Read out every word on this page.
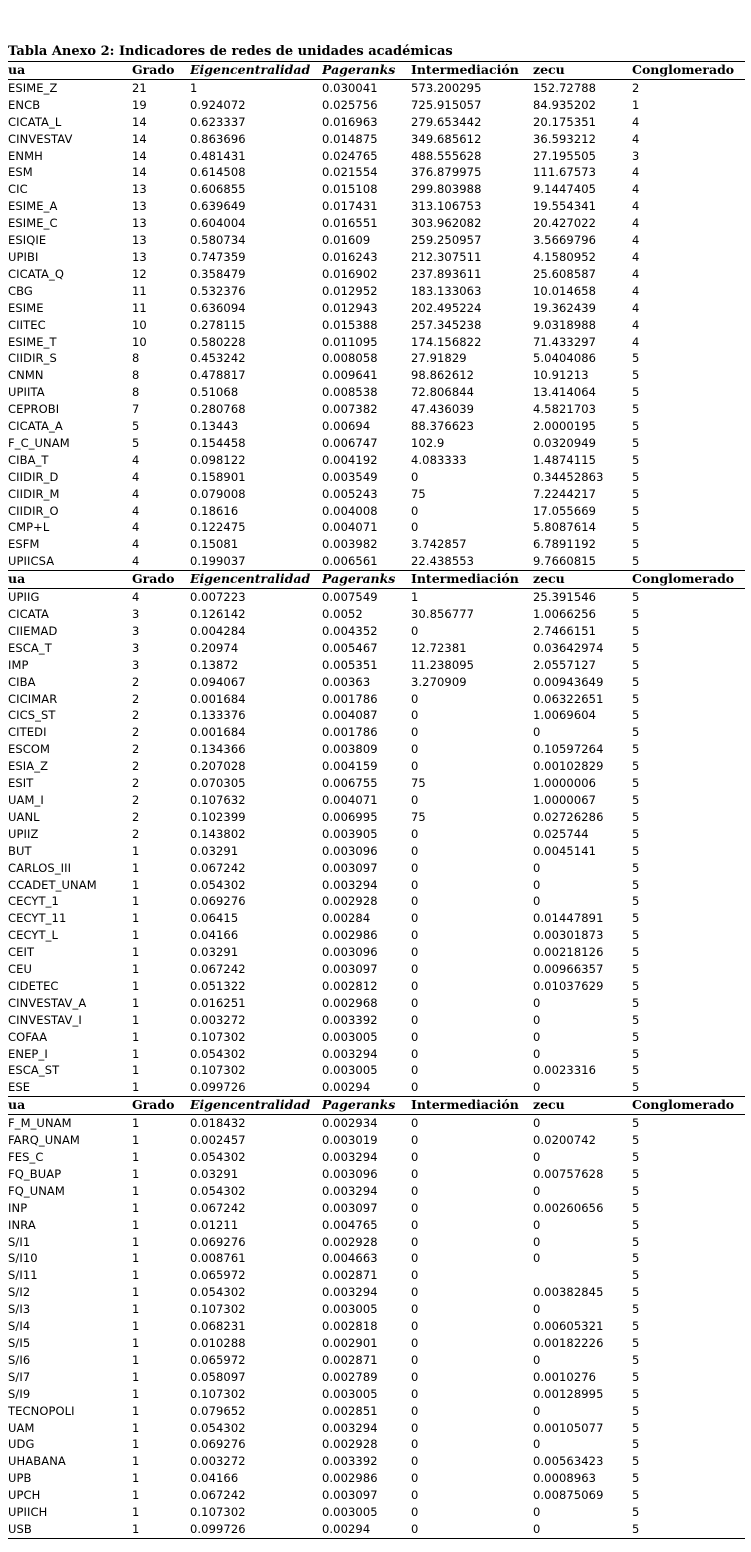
Tabla Anexo 2: Indicadores de redes de unidades académicas
ua	Grado	Eigencentralidad	Pageranks	Intermediación	zecu	Conglomerado
ESIME_Z	21	1	0.030041	573.200295	152.72788	2
ENCB	19	0.924072	0.025756	725.915057	84.935202	1
CICATA_L	14	0.623337	0.016963	279.653442	20.175351	4
CINVESTAV	14	0.863696	0.014875	349.685612	36.593212	4
ENMH	14	0.481431	0.024765	488.555628	27.195505	3
ESM	14	0.614508	0.021554	376.879975	111.67573	4
CIC	13	0.606855	0.015108	299.803988	9.1447405	4
ESIME_A	13	0.639649	0.017431	313.106753	19.554341	4
ESIME_C	13	0.604004	0.016551	303.962082	20.427022	4
ESIQIE	13	0.580734	0.01609	259.250957	3.5669796	4
UPIBI	13	0.747359	0.016243	212.307511	4.1580952	4
CICATA_Q	12	0.358479	0.016902	237.893611	25.608587	4
CBG	11	0.532376	0.012952	183.133063	10.014658	4
ESIME	11	0.636094	0.012943	202.495224	19.362439	4
CIITEC	10	0.278115	0.015388	257.345238	9.0318988	4
ESIME_T	10	0.580228	0.011095	174.156822	71.433297	4
CIIDIR_S	8	0.453242	0.008058	27.91829	5.0404086	5
CNMN	8	0.478817	0.009641	98.862612	10.91213	5
UPIITA	8	0.51068	0.008538	72.806844	13.414064	5
CEPROBI	7	0.280768	0.007382	47.436039	4.5821703	5
CICATA_A	5	0.13443	0.00694	88.376623	2.0000195	5
F_C_UNAM	5	0.154458	0.006747	102.9	0.0320949	5
CIBA_T	4	0.098122	0.004192	4.083333	1.4874115	5
CIIDIR_D	4	0.158901	0.003549	0	0.34452863	5
CIIDIR_M	4	0.079008	0.005243	75	7.2244217	5
CIIDIR_O	4	0.18616	0.004008	0	17.055669	5
CMP+L	4	0.122475	0.004071	0	5.8087614	5
ESFM	4	0.15081	0.003982	3.742857	6.7891192	5
UPIICSA	4	0.199037	0.006561	22.438553	9.7660815	5
ua	Grado	Eigencentralidad	Pageranks	Intermediación	zecu	Conglomerado
UPIIG	4	0.007223	0.007549	1	25.391546	5
CICATA	3	0.126142	0.0052	30.856777	1.0066256	5
CIIEMAD	3	0.004284	0.004352	0	2.7466151	5
ESCA_T	3	0.20974	0.005467	12.72381	0.03642974	5
IMP	3	0.13872	0.005351	11.238095	2.0557127	5
CIBA	2	0.094067	0.00363	3.270909	0.00943649	5
CICIMAR	2	0.001684	0.001786	0	0.06322651	5
CICS_ST	2	0.133376	0.004087	0	1.0069604	5
CITEDI	2	0.001684	0.001786	0	0	5
ESCOM	2	0.134366	0.003809	0	0.10597264	5
ESIA_Z	2	0.207028	0.004159	0	0.00102829	5
ESIT	2	0.070305	0.006755	75	1.0000006	5
UAM_I	2	0.107632	0.004071	0	1.0000067	5
UANL	2	0.102399	0.006995	75	0.02726286	5
UPIIZ	2	0.143802	0.003905	0	0.025744	5
BUT	1	0.03291	0.003096	0	0.0045141	5
CARLOS_III	1	0.067242	0.003097	0	0	5
CCADET_UNAM	1	0.054302	0.003294	0	0	5
CECYT_1	1	0.069276	0.002928	0	0	5
CECYT_11	1	0.06415	0.00284	0	0.01447891	5
CECYT_L	1	0.04166	0.002986	0	0.00301873	5
CEIT	1	0.03291	0.003096	0	0.00218126	5
CEU	1	0.067242	0.003097	0	0.00966357	5
CIDETEC	1	0.051322	0.002812	0	0.01037629	5
CINVESTAV_A	1	0.016251	0.002968	0	0	5
CINVESTAV_I	1	0.003272	0.003392	0	0	5
COFAA	1	0.107302	0.003005	0	0	5
ENEP_I	1	0.054302	0.003294	0	0	5
ESCA_ST	1	0.107302	0.003005	0	0.0023316	5
ESE	1	0.099726	0.00294	0	0	5
ua	Grado	Eigencentralidad	Pageranks	Intermediación	zecu	Conglomerado
F_M_UNAM	1	0.018432	0.002934	0	0	5
FARQ_UNAM	1	0.002457	0.003019	0	0.0200742	5
FES_C	1	0.054302	0.003294	0	0	5
FQ_BUAP	1	0.03291	0.003096	0	0.00757628	5
FQ_UNAM	1	0.054302	0.003294	0	0	5
INP	1	0.067242	0.003097	0	0.00260656	5
INRA	1	0.01211	0.004765	0	0	5
S/I1	1	0.069276	0.002928	0	0	5
S/I10	1	0.008761	0.004663	0	0	5
S/I11	1	0.065972	0.002871	0		5
S/I2	1	0.054302	0.003294	0	0.00382845	5
S/I3	1	0.107302	0.003005	0	0	5
S/I4	1	0.068231	0.002818	0	0.00605321	5
S/I5	1	0.010288	0.002901	0	0.00182226	5
S/I6	1	0.065972	0.002871	0	0	5
S/I7	1	0.058097	0.002789	0	0.0010276	5
S/I9	1	0.107302	0.003005	0	0.00128995	5
TECNOPOLI	1	0.079652	0.002851	0	0	5
UAM	1	0.054302	0.003294	0	0.00105077	5
UDG	1	0.069276	0.002928	0	0	5
UHABANA	1	0.003272	0.003392	0	0.00563423	5
UPB	1	0.04166	0.002986	0	0.0008963	5
UPCH	1	0.067242	0.003097	0	0.00875069	5
UPIICH	1	0.107302	0.003005	0	0	5
USB	1	0.099726	0.00294	0	0	5
